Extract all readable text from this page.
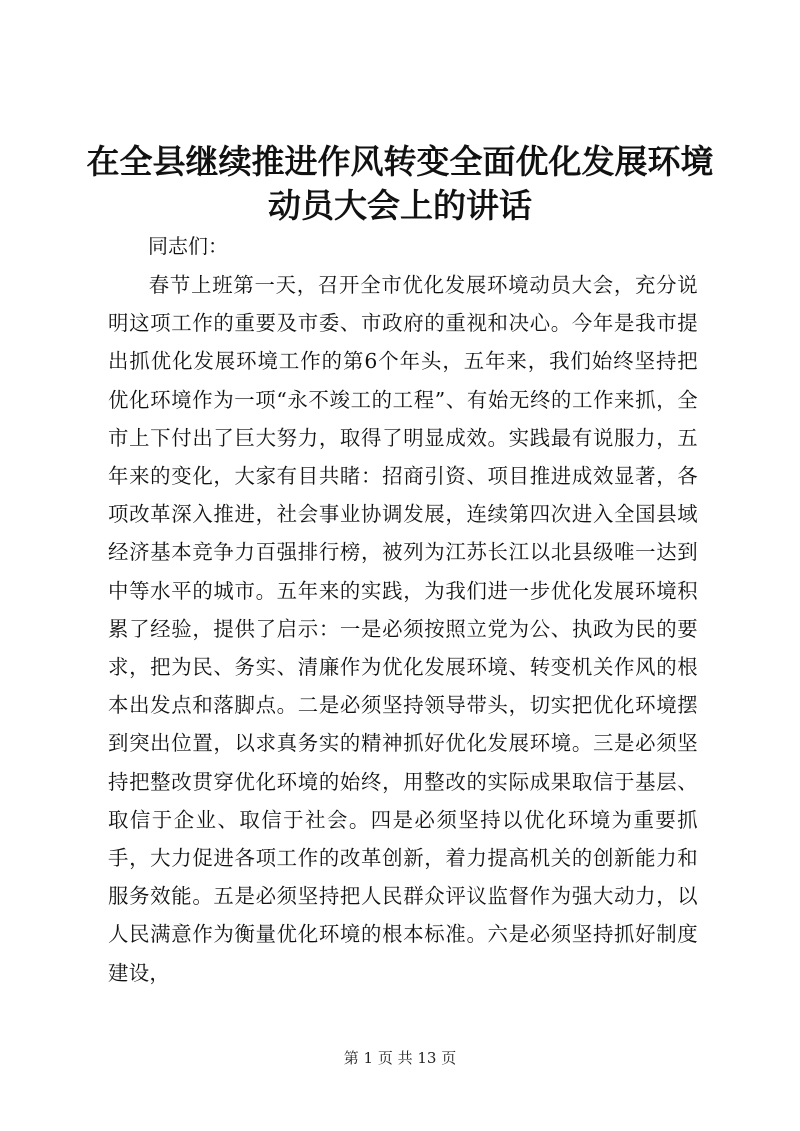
在全县继续推进作风转变全面优化发展环境动员大会上的讲话

同志们：

春节上班第一天，召开全市优化发展环境动员大会，充分说明这项工作的重要及市委、市政府的重视和决心。今年是我市提出抓优化发展环境工作的第6个年头，五年来，我们始终坚持把优化环境作为一项“永不竣工的工程”、有始无终的工作来抓，全市上下付出了巨大努力，取得了明显成效。实践最有说服力，五年来的变化，大家有目共睹：招商引资、项目推进成效显著，各项改革深入推进，社会事业协调发展，连续第四次进入全国县域经济基本竞争力百强排行榜，被列为江苏长江以北县级唯一达到中等水平的城市。五年来的实践，为我们进一步优化发展环境积累了经验，提供了启示：一是必须按照立党为公、执政为民的要求，把为民、务实、清廉作为优化发展环境、转变机关作风的根本出发点和落脚点。二是必须坚持领导带头，切实把优化环境摆到突出位置，以求真务实的精神抓好优化发展环境。三是必须坚持把整改贯穿优化环境的始终，用整改的实际成果取信于基层、取信于企业、取信于社会。四是必须坚持以优化环境为重要抓手，大力促进各项工作的改革创新，着力提高机关的创新能力和服务效能。五是必须坚持把人民群众评议监督作为强大动力，以人民满意作为衡量优化环境的根本标准。六是必须坚持抓好制度建设，

第 1 页 共 13 页
